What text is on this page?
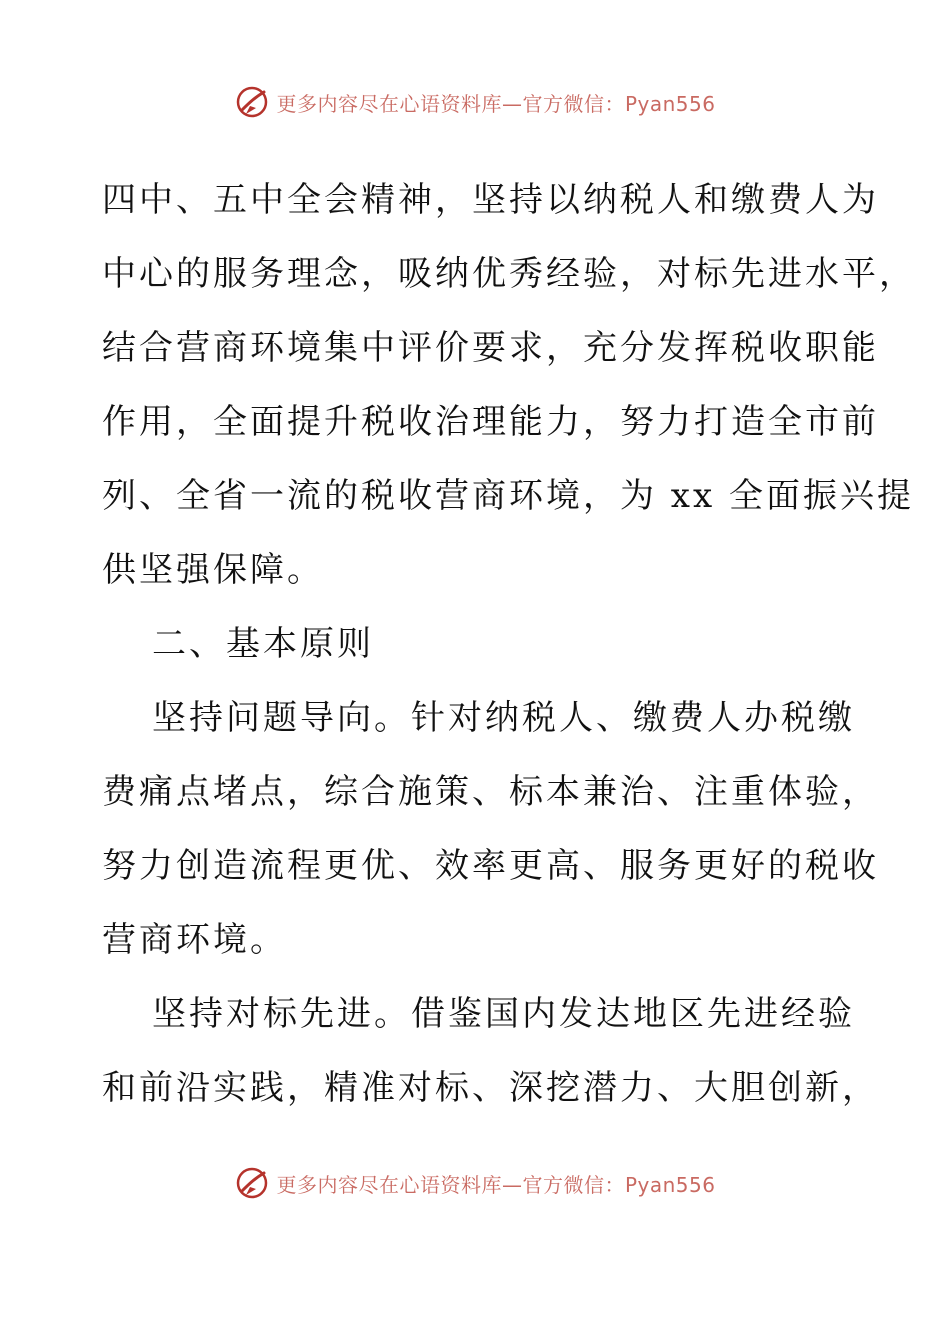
更多内容尽在心语资料库—官方微信：Pyan556
四中、五中全会精神，坚持以纳税人和缴费人为
中心的服务理念，吸纳优秀经验，对标先进水平，
结合营商环境集中评价要求，充分发挥税收职能
作用，全面提升税收治理能力，努力打造全市前
列、全省一流的税收营商环境，为 xx 全面振兴提
供坚强保障。
二、基本原则
坚持问题导向。针对纳税人、缴费人办税缴
费痛点堵点，综合施策、标本兼治、注重体验，
努力创造流程更优、效率更高、服务更好的税收
营商环境。
坚持对标先进。借鉴国内发达地区先进经验
和前沿实践，精准对标、深挖潜力、大胆创新，
更多内容尽在心语资料库—官方微信：Pyan556
